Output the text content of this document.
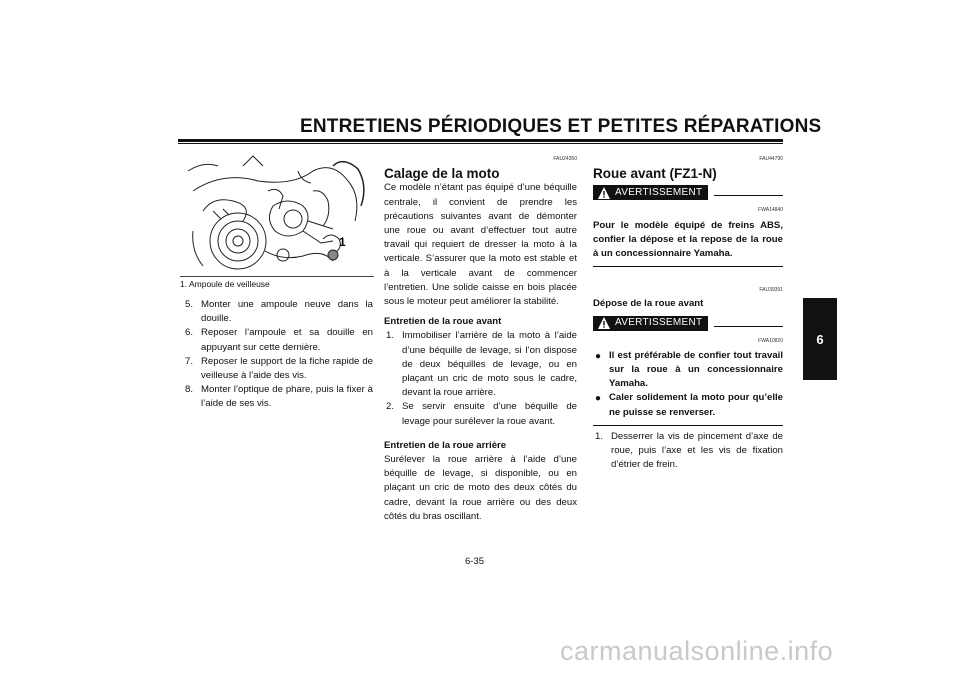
ENTRETIENS PÉRIODIQUES ET PETITES RÉPARATIONS
6
1
1. Ampoule de veilleuse
5. Monter une ampoule neuve dans la douille.
6. Reposer l’ampoule et sa douille en appuyant sur cette dernière.
7. Reposer le support de la fiche rapide de veilleuse à l’aide des vis.
8. Monter l’optique de phare, puis la fixer à l’aide de ses vis.
FAU24350
Calage de la moto
Ce modèle n’étant pas équipé d’une béquille centrale, il convient de prendre les précautions suivantes avant de démonter une roue ou avant d’effectuer tout autre travail qui requiert de dresser la moto à la verticale. S’assurer que la moto est stable et à la verticale avant de commencer l’entretien. Une solide caisse en bois placée sous le moteur peut améliorer la stabilité.
Entretien de la roue avant
1. Immobiliser l’arrière de la moto à l’aide d’une béquille de levage, si l’on dispose de deux béquilles de levage, ou en plaçant un cric de moto sous le cadre, devant la roue arrière.
2. Se servir ensuite d’une béquille de levage pour surélever la roue avant.
Entretien de la roue arrière
Surélever la roue arrière à l’aide d’une béquille de levage, si disponible, ou en plaçant un cric de moto des deux côtés du cadre, devant la roue arrière ou des deux côtés du bras oscillant.
FAU44790
Roue avant (FZ1-N)
AVERTISSEMENT
FWA14840
Pour le modèle équipé de freins ABS, confier la dépose et la repose de la roue à un concessionnaire Yamaha.
FAU39391
Dépose de la roue avant
AVERTISSEMENT
FWA10820
● Il est préférable de confier tout travail sur la roue à un concessionnaire Yamaha.
● Caler solidement la moto pour qu’elle ne puisse se renverser.
1. Desserrer la vis de pincement d’axe de roue, puis l’axe et les vis de fixation d’étrier de frein.
6-35
carmanualsonline.info
